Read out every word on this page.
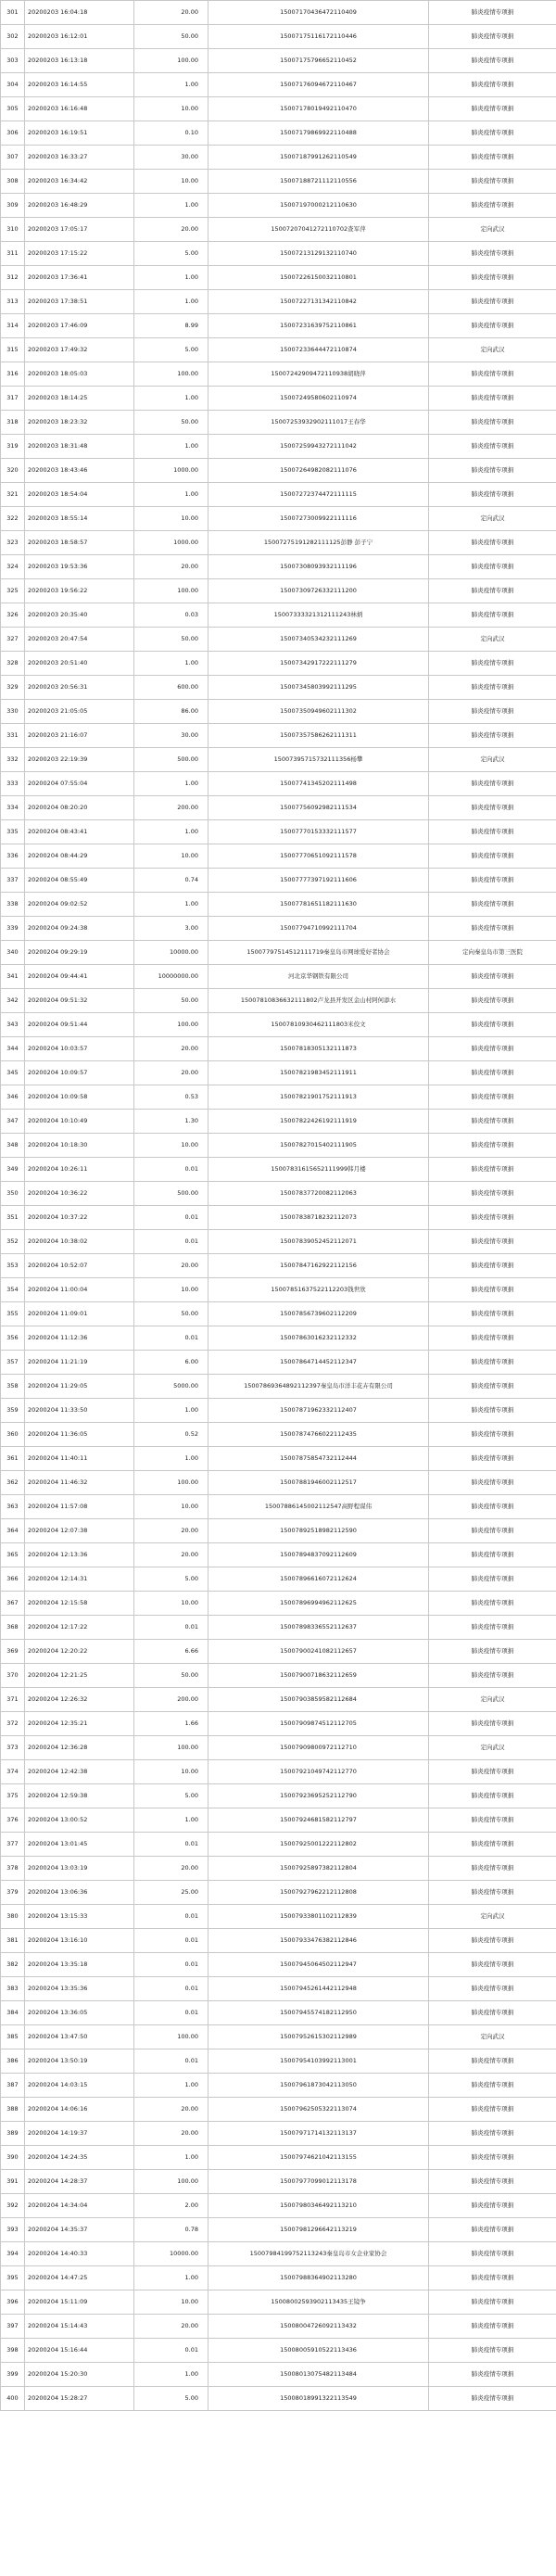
301	20200203 16:04:18	20.00	15007170436472110409	肺炎疫情专项捐
302	20200203 16:12:01	50.00	15007175116172110446	肺炎疫情专项捐
303	20200203 16:13:18	100.00	15007175796652110452	肺炎疫情专项捐
304	20200203 16:14:55	1.00	15007176094672110467	肺炎疫情专项捐
305	20200203 16:16:48	10.00	15007178019492110470	肺炎疫情专项捐
306	20200203 16:19:51	0.10	15007179869922110488	肺炎疫情专项捐
307	20200203 16:33:27	30.00	15007187991262110549	肺炎疫情专项捐
308	20200203 16:34:42	10.00	15007188721112110556	肺炎疫情专项捐
309	20200203 16:48:29	1.00	15007197000212110630	肺炎疫情专项捐
310	20200203 17:05:17	20.00	15007207041272110702查军萍	定向武汉
311	20200203 17:15:22	5.00	15007213129132110740	肺炎疫情专项捐
312	20200203 17:36:41	1.00	15007226150032110801	肺炎疫情专项捐
313	20200203 17:38:51	1.00	15007227131342110842	肺炎疫情专项捐
314	20200203 17:46:09	8.99	15007231639752110861	肺炎疫情专项捐
315	20200203 17:49:32	5.00	15007233644472110874	定向武汉
316	20200203 18:05:03	100.00	15007242909472110938胡晓萍	肺炎疫情专项捐
317	20200203 18:14:25	1.00	15007249580602110974	肺炎疫情专项捐
318	20200203 18:23:32	50.00	15007253932902111017王春华	肺炎疫情专项捐
319	20200203 18:31:48	1.00	15007259943272111042	肺炎疫情专项捐
320	20200203 18:43:46	1000.00	15007264982082111076	肺炎疫情专项捐
321	20200203 18:54:04	1.00	15007272374472111115	肺炎疫情专项捐
322	20200203 18:55:14	10.00	15007273009922111116	定向武汉
323	20200203 18:58:57	1000.00	15007275191282111125彭静 彭子宁	肺炎疫情专项捐
324	20200203 19:53:36	20.00	15007308093932111196	肺炎疫情专项捐
325	20200203 19:56:22	100.00	15007309726332111200	肺炎疫情专项捐
326	20200203 20:35:40	0.03	15007333321312111243林炳	肺炎疫情专项捐
327	20200203 20:47:54	50.00	15007340534232111269	定向武汉
328	20200203 20:51:40	1.00	15007342917222111279	肺炎疫情专项捐
329	20200203 20:56:31	600.00	15007345803992111295	肺炎疫情专项捐
330	20200203 21:05:05	86.00	15007350949602111302	肺炎疫情专项捐
331	20200203 21:16:07	30.00	15007357586262111311	肺炎疫情专项捐
332	20200203 22:19:39	500.00	15007395715732111356杨攀	定向武汉
333	20200204 07:55:04	1.00	15007741345202111498	肺炎疫情专项捐
334	20200204 08:20:20	200.00	15007756092982111534	肺炎疫情专项捐
335	20200204 08:43:41	1.00	15007770153332111577	肺炎疫情专项捐
336	20200204 08:44:29	10.00	15007770651092111578	肺炎疫情专项捐
337	20200204 08:55:49	0.74	15007777397192111606	肺炎疫情专项捐
338	20200204 09:02:52	1.00	15007781651182111630	肺炎疫情专项捐
339	20200204 09:24:38	3.00	15007794710992111704	肺炎疫情专项捐
340	20200204 09:29:19	10000.00	15007797514512111719秦皇岛市网球爱好者协会	定向秦皇岛市第三医院
341	20200204 09:44:41	10000000.00	河北京华钢铁有限公司	肺炎疫情专项捐
342	20200204 09:51:32	50.00	15007810836632111802卢龙县开发区金山村阿何添水	肺炎疫情专项捐
343	20200204 09:51:44	100.00	15007810930462111803米佼文	肺炎疫情专项捐
344	20200204 10:03:57	20.00	15007818305132111873	肺炎疫情专项捐
345	20200204 10:09:57	20.00	15007821983452111911	肺炎疫情专项捐
346	20200204 10:09:58	0.53	15007821901752111913	肺炎疫情专项捐
347	20200204 10:10:49	1.30	15007822426192111919	肺炎疫情专项捐
348	20200204 10:18:30	10.00	15007827015402111905	肺炎疫情专项捐
349	20200204 10:26:11	0.01	15007831615652111999韩月楼	肺炎疫情专项捐
350	20200204 10:36:22	500.00	15007837720082112063	肺炎疫情专项捐
351	20200204 10:37:22	0.01	15007838718232112073	肺炎疫情专项捐
352	20200204 10:38:02	0.01	15007839052452112071	肺炎疫情专项捐
353	20200204 10:52:07	20.00	15007847162922112156	肺炎疫情专项捐
354	20200204 11:00:04	10.00	15007851637522112203钱世欣	肺炎疫情专项捐
355	20200204 11:09:01	50.00	15007856739602112209	肺炎疫情专项捐
356	20200204 11:12:36	0.01	15007863016232112332	肺炎疫情专项捐
357	20200204 11:21:19	6.00	15007864714452112347	肺炎疫情专项捐
358	20200204 11:29:05	5000.00	15007869364892112397秦皇岛市洋丰花卉有限公司	肺炎疫情专项捐
359	20200204 11:33:50	1.00	15007871962332112407	肺炎疫情专项捐
360	20200204 11:36:05	0.52	15007874766022112435	肺炎疫情专项捐
361	20200204 11:40:11	1.00	15007875854732112444	肺炎疫情专项捐
362	20200204 11:46:32	100.00	15007881946002112517	肺炎疫情专项捐
363	20200204 11:57:08	10.00	15007886145002112547高野程谋伟	肺炎疫情专项捐
364	20200204 12:07:38	20.00	15007892518982112590	肺炎疫情专项捐
365	20200204 12:13:36	20.00	15007894837092112609	肺炎疫情专项捐
366	20200204 12:14:31	5.00	15007896616072112624	肺炎疫情专项捐
367	20200204 12:15:58	10.00	15007896994962112625	肺炎疫情专项捐
368	20200204 12:17:22	0.01	15007898336552112637	肺炎疫情专项捐
369	20200204 12:20:22	6.66	15007900241082112657	肺炎疫情专项捐
370	20200204 12:21:25	50.00	15007900718632112659	肺炎疫情专项捐
371	20200204 12:26:32	200.00	15007903859582112684	定向武汉
372	20200204 12:35:21	1.66	15007909874512112705	肺炎疫情专项捐
373	20200204 12:36:28	100.00	15007909800972112710	定向武汉
374	20200204 12:42:38	10.00	15007921049742112770	肺炎疫情专项捐
375	20200204 12:59:38	5.00	15007923695252112790	肺炎疫情专项捐
376	20200204 13:00:52	1.00	15007924681582112797	肺炎疫情专项捐
377	20200204 13:01:45	0.01	15007925001222112802	肺炎疫情专项捐
378	20200204 13:03:19	20.00	15007925897382112804	肺炎疫情专项捐
379	20200204 13:06:36	25.00	15007927962212112808	肺炎疫情专项捐
380	20200204 13:15:33	0.01	15007933801102112839	定向武汉
381	20200204 13:16:10	0.01	15007933476382112846	肺炎疫情专项捐
382	20200204 13:35:18	0.01	15007945064502112947	肺炎疫情专项捐
383	20200204 13:35:36	0.01	15007945261442112948	肺炎疫情专项捐
384	20200204 13:36:05	0.01	15007945574182112950	肺炎疫情专项捐
385	20200204 13:47:50	100.00	15007952615302112989	定向武汉
386	20200204 13:50:19	0.01	15007954103992113001	肺炎疫情专项捐
387	20200204 14:03:15	1.00	15007961873042113050	肺炎疫情专项捐
388	20200204 14:06:16	20.00	15007962505322113074	肺炎疫情专项捐
389	20200204 14:19:37	20.00	15007971714132113137	肺炎疫情专项捐
390	20200204 14:24:35	1.00	15007974621042113155	肺炎疫情专项捐
391	20200204 14:28:37	100.00	15007977099012113178	肺炎疫情专项捐
392	20200204 14:34:04	2.00	15007980346492113210	肺炎疫情专项捐
393	20200204 14:35:37	0.78	15007981296642113219	肺炎疫情专项捐
394	20200204 14:40:33	10000.00	15007984199752113243秦皇岛市女企业家协会	肺炎疫情专项捐
395	20200204 14:47:25	1.00	15007988364902113280	肺炎疫情专项捐
396	20200204 15:11:09	10.00	15008002593902113435王镜争	肺炎疫情专项捐
397	20200204 15:14:43	20.00	15008004726092113432	肺炎疫情专项捐
398	20200204 15:16:44	0.01	15008005910522113436	肺炎疫情专项捐
399	20200204 15:20:30	1.00	15008013075482113484	肺炎疫情专项捐
400	20200204 15:28:27	5.00	15008018991322113549	肺炎疫情专项捐
